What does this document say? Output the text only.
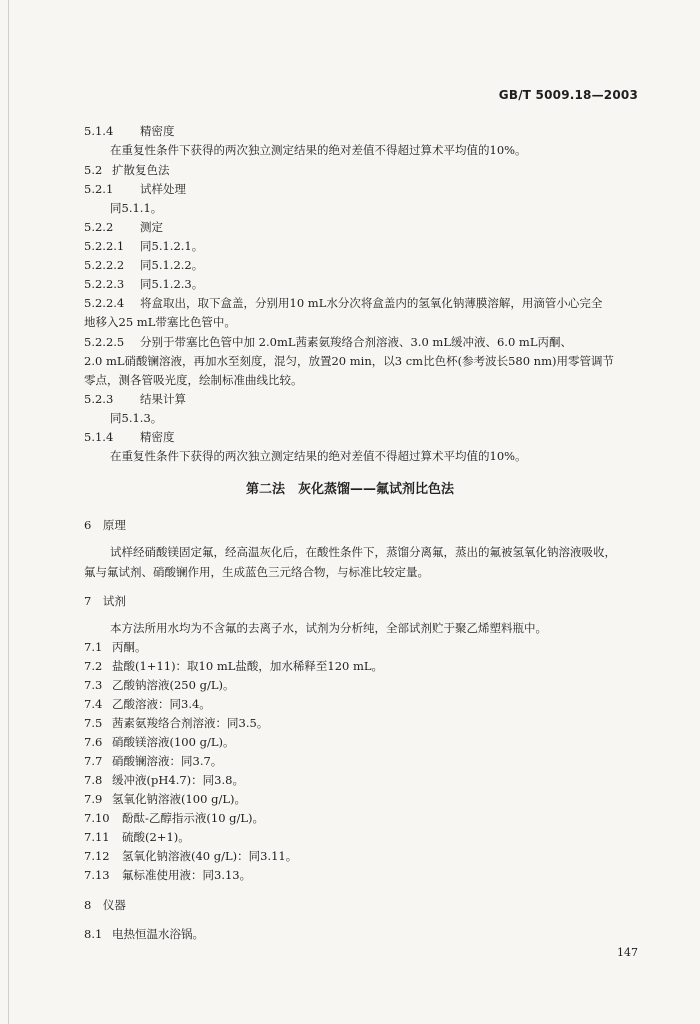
GB/T 5009.18—2003
5.1.4 精密度
在重复性条件下获得的两次独立测定结果的绝对差值不得超过算术平均值的10%。
5.2 扩散复色法
5.2.1 试样处理
同5.1.1。
5.2.2 测定
5.2.2.1 同5.1.2.1。
5.2.2.2 同5.1.2.2。
5.2.2.3 同5.1.2.3。
5.2.2.4 将盒取出，取下盒盖，分别用10 mL水分次将盒盖内的氢氧化钠薄膜溶解，用滴管小心完全
地移入25 mL带塞比色管中。
5.2.2.5 分别于带塞比色管中加 2.0mL茜素氨羧络合剂溶液、3.0 mL缓冲液、6.0 mL丙酮、
2.0 mL硝酸镧溶液，再加水至刻度，混匀，放置20 min，以3 cm比色杯(参考波长580 nm)用零管调节
零点，测各管吸光度，绘制标准曲线比较。
5.2.3 结果计算
同5.1.3。
5.1.4 精密度
在重复性条件下获得的两次独立测定结果的绝对差值不得超过算术平均值的10%。
第二法　灰化蒸馏——氟试剂比色法
6　原理
试样经硝酸镁固定氟，经高温灰化后，在酸性条件下，蒸馏分离氟，蒸出的氟被氢氧化钠溶液吸收，
氟与氟试剂、硝酸镧作用，生成蓝色三元络合物，与标准比较定量。
7　试剂
本方法所用水均为不含氟的去离子水，试剂为分析纯，全部试剂贮于聚乙烯塑料瓶中。
7.1 丙酮。
7.2 盐酸(1+11)：取10 mL盐酸，加水稀释至120 mL。
7.3 乙酸钠溶液(250 g/L)。
7.4 乙酸溶液：同3.4。
7.5 茜素氨羧络合剂溶液：同3.5。
7.6 硝酸镁溶液(100 g/L)。
7.7 硝酸镧溶液：同3.7。
7.8 缓冲液(pH4.7)：同3.8。
7.9 氢氧化钠溶液(100 g/L)。
7.10 酚酞-乙醇指示液(10 g/L)。
7.11 硫酸(2+1)。
7.12 氢氧化钠溶液(40 g/L)：同3.11。
7.13 氟标准使用液：同3.13。
8　仪器
8.1 电热恒温水浴锅。
147
